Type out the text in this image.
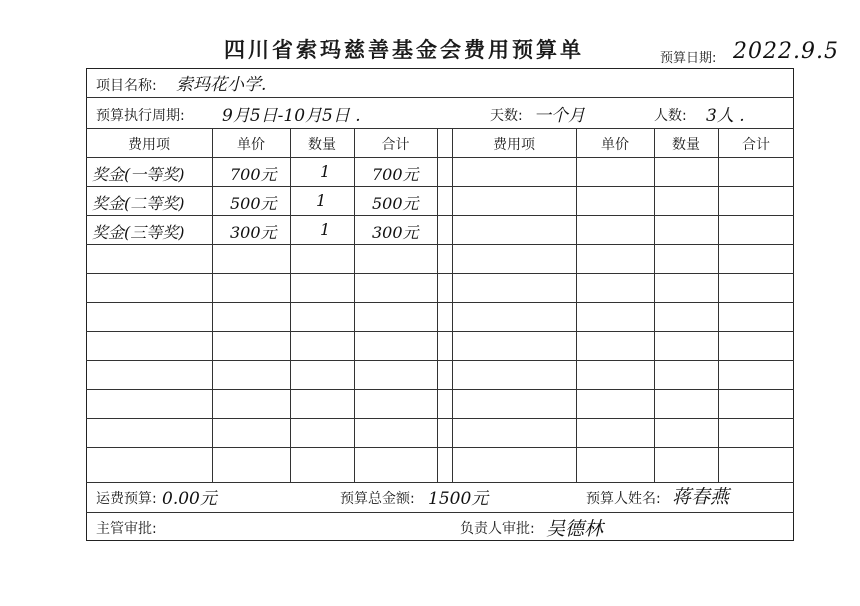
四川省索玛慈善基金会费用预算单	预算日期: 2022.9.5
项目名称: 索玛花小学.
预算执行周期: 9月5日-10月5日 .	天数: 一个月	人数: 3人 .
费用项	单价	数量	合计	费用项	单价	数量	合计
奖金(一等奖)	700元	1	700元
奖金(二等奖)	500元 1	500元
奖金(三等奖)	300元	1	300元
运费预算: 0.00元	预算总金额: 1500元	预算人姓名: 蒋春燕
主管审批:	负责人审批: 吴德林
